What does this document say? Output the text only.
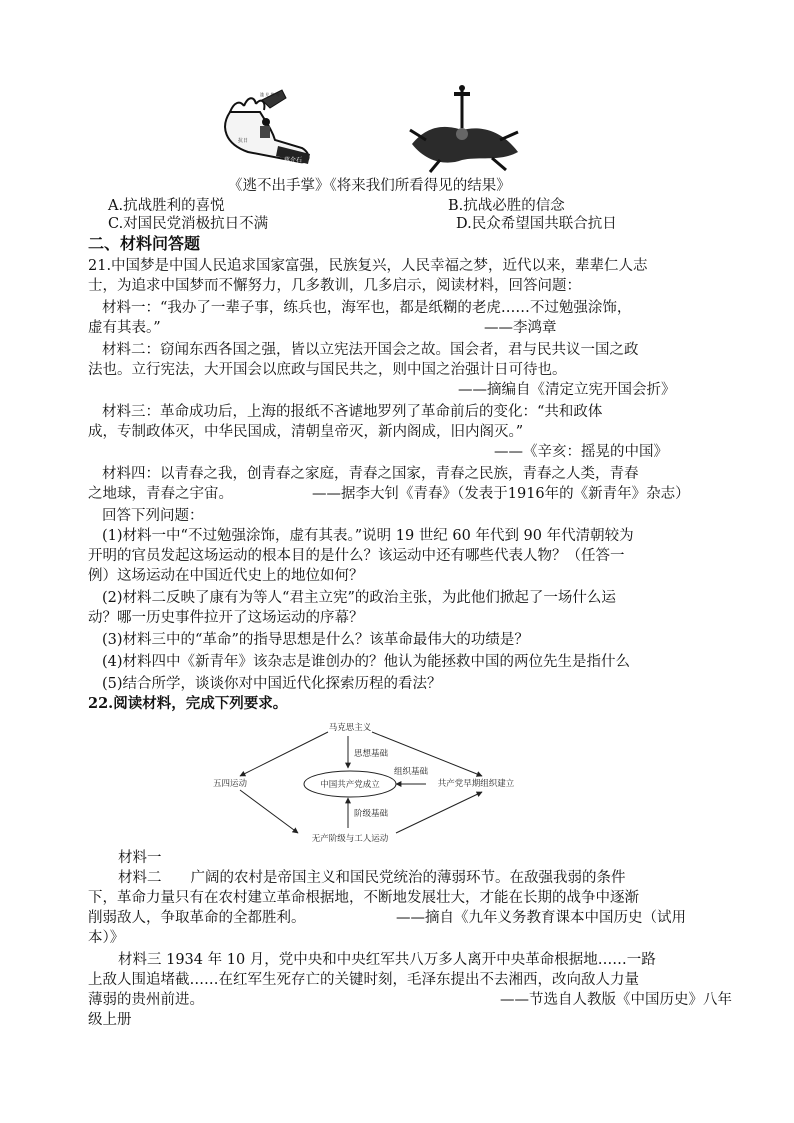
蒋介石
抗日
滥 兑 换 券
《逃不出手掌》《将来我们所看得见的结果》
A.抗战胜利的喜悦	B.抗战必胜的信念
C.对国民党消极抗日不满	D.民众希望国共联合抗日
二、材料问答题
21.中国梦是中国人民追求国家富强，民族复兴，人民幸福之梦，近代以来，辈辈仁人志
士，为追求中国梦而不懈努力，几多教训，几多启示，阅读材料，回答问题：
材料一：“我办了一辈子事，练兵也，海军也，都是纸糊的老虎……不过勉强涂饰，
虚有其表。”	——李鸿章
材料二：窃闻东西各国之强，皆以立宪法开国会之故。国会者，君与民共议一国之政
法也。立行宪法，大开国会以庶政与国民共之，则中国之治强计日可待也。
——摘编自《清定立宪开国会折》
材料三：革命成功后，上海的报纸不吝谑地罗列了革命前后的变化：“共和政体
成，专制政体灭，中华民国成，清朝皇帝灭，新内阁成，旧内阁灭。”
——《辛亥：摇晃的中国》
材料四：以青春之我，创青春之家庭，青春之国家，青春之民族，青春之人类，青春
之地球，青春之宇宙。	——据李大钊《青春》（发表于1916年的《新青年》杂志）
回答下列问题：
(1)材料一中“不过勉强涂饰，虚有其表。”说明 19 世纪 60 年代到 90 年代清朝较为
开明的官员发起这场运动的根本目的是什么？该运动中还有哪些代表人物？（任答一
例）这场运动在中国近代史上的地位如何？
(2)材料二反映了康有为等人“君主立宪”的政治主张，为此他们掀起了一场什么运
动？哪一历史事件拉开了这场运动的序幕？
(3)材料三中的“革命”的指导思想是什么？该革命最伟大的功绩是？
(4)材料四中《新青年》该杂志是谁创办的？他认为能拯救中国的两位先生是指什么
(5)结合所学，谈谈你对中国近代化探索历程的看法？
22.阅读材料，完成下列要求。
马克思主义
中国共产党成立
五四运动	共产党早期组织建立
无产阶级与工人运动
思想基础
组织基础
阶级基础
材料一
材料二　　广阔的农村是帝国主义和国民党统治的薄弱环节。在敌强我弱的条件
下，革命力量只有在农村建立革命根据地，不断地发展壮大，才能在长期的战争中逐渐
削弱敌人，争取革命的全都胜利。	——摘自《九年义务教育课本中国历史（试用
本）》
材料三 1934 年 10 月，党中央和中央红军共八万多人离开中央革命根据地……一路
上敌人围追堵截……在红军生死存亡的关键时刻，毛泽东提出不去湘西，改向敌人力量
薄弱的贵州前进。	——节选自人教版《中国历史》八年
级上册
